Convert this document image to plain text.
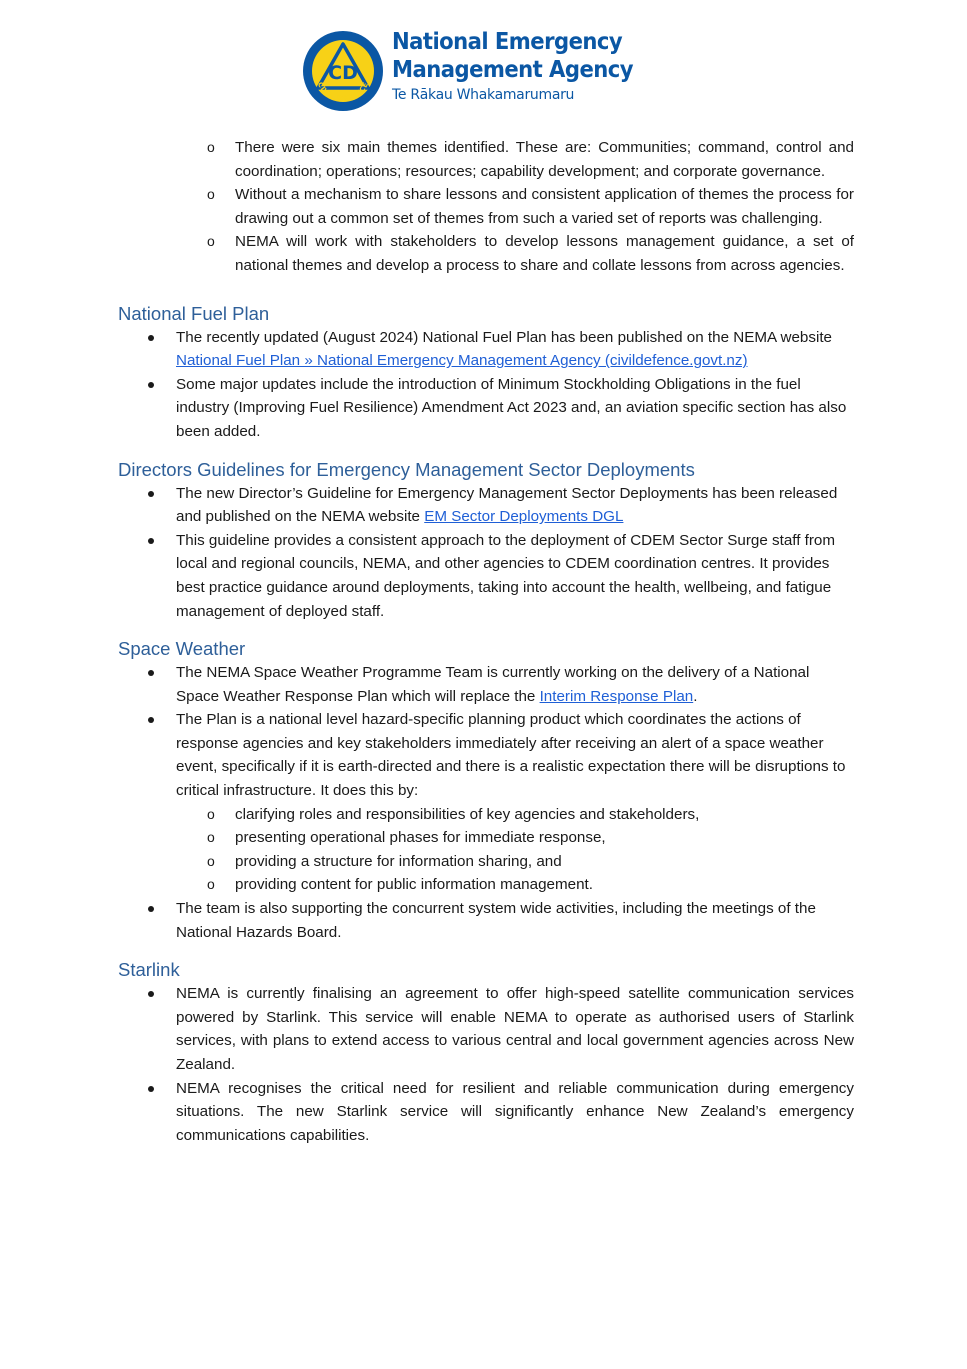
CD
CIVIL DEFENCE
National Emergency
Management Agency
Te Rākau Whakamarumaru
o There were six main themes identified. These are: Communities; command, control and coordination; operations; resources; capability development; and corporate governance.
o Without a mechanism to share lessons and consistent application of themes the process for drawing out a common set of themes from such a varied set of reports was challenging.
o NEMA will work with stakeholders to develop lessons management guidance, a set of national themes and develop a process to share and collate lessons from across agencies.
National Fuel Plan
The recently updated (August 2024) National Fuel Plan has been published on the NEMA website National Fuel Plan » National Emergency Management Agency (civildefence.govt.nz)
Some major updates include the introduction of Minimum Stockholding Obligations in the fuel industry (Improving Fuel Resilience) Amendment Act 2023 and, an aviation specific section has also been added.
Directors Guidelines for Emergency Management Sector Deployments
The new Director’s Guideline for Emergency Management Sector Deployments has been released and published on the NEMA website EM Sector Deployments DGL
This guideline provides a consistent approach to the deployment of CDEM Sector Surge staff from local and regional councils, NEMA, and other agencies to CDEM coordination centres. It provides best practice guidance around deployments, taking into account the health, wellbeing, and fatigue management of deployed staff.
Space Weather
The NEMA Space Weather Programme Team is currently working on the delivery of a National Space Weather Response Plan which will replace the Interim Response Plan.
The Plan is a national level hazard-specific planning product which coordinates the actions of response agencies and key stakeholders immediately after receiving an alert of a space weather event, specifically if it is earth-directed and there is a realistic expectation there will be disruptions to critical infrastructure. It does this by:
o clarifying roles and responsibilities of key agencies and stakeholders,
o presenting operational phases for immediate response,
o providing a structure for information sharing, and
o providing content for public information management.
The team is also supporting the concurrent system wide activities, including the meetings of the National Hazards Board.
Starlink
NEMA is currently finalising an agreement to offer high-speed satellite communication services powered by Starlink. This service will enable NEMA to operate as authorised users of Starlink services, with plans to extend access to various central and local government agencies across New Zealand.
NEMA recognises the critical need for resilient and reliable communication during emergency situations. The new Starlink service will significantly enhance New Zealand’s emergency communications capabilities.
